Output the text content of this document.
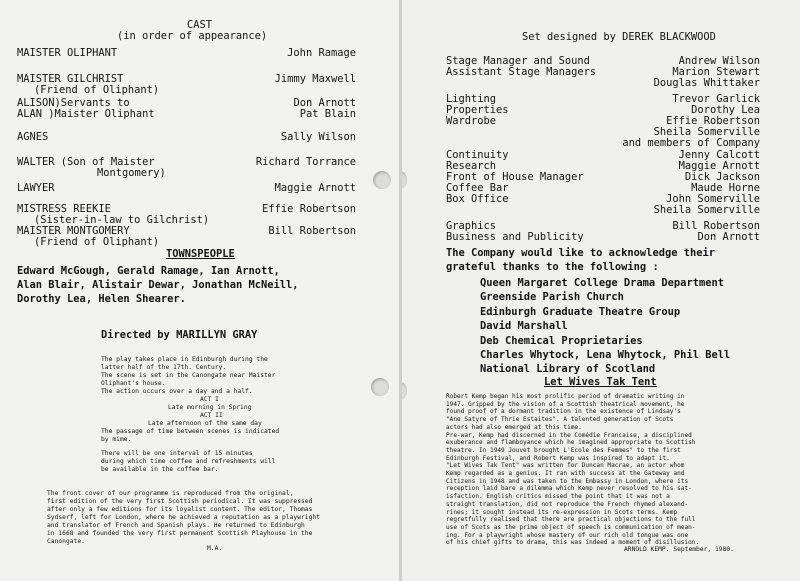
CAST
(in order of appearance)
MAISTER OLIPHANT	John Ramage
MAISTER GILCHRIST	Jimmy Maxwell
(Friend of Oliphant)
ALISON)Servants to	Don Arnott
ALAN )Maister Oliphant	Pat Blain
AGNES	Sally Wilson
WALTER (Son of Maister	Richard Torrance
Montgomery)
LAWYER	Maggie Arnott
MISTRESS REEKIE	Effie Robertson
(Sister-in-law to Gilchrist)
MAISTER MONTGOMERY	Bill Robertson
(Friend of Oliphant)
TOWNSPEOPLE
Edward McGough, Gerald Ramage, Ian Arnott,
Alan Blair, Alistair Dewar, Jonathan McNeill,
Dorothy Lea, Helen Shearer.
Directed by MARILLYN GRAY
The play takes place in Edinburgh during the
latter half of the 17th. Century.
The scene is set in the Canongate near Maister
Oliphant's house.
The action occurs over a day and a half.
ACT I
Late morning in Spring
ACT II
Late afternoon of the same day
The passage of time between scenes is indicated
by mime.
There will be one interval of 15 minutes
during which time coffee and refreshments will
be available in the coffee bar.
The front cover of our programme is reproduced from the original,
first edition of the very first Scottish periodical. It was suppressed
after only a few editions for its loyalist content. The editor, Thomas
Sydserf, left for London, where he achieved a reputation as a playwright
and translator of French and Spanish plays. He returned to Edinburgh
in 1668 and founded the very first permanent Scottish Playhouse in the
Canongate.
M.A.
Set designed by DEREK BLACKWOOD
Stage Manager and Sound	Andrew Wilson
Assistant Stage Managers	Marion Stewart
Douglas Whittaker
Lighting	Trevor Garlick
Properties	Dorothy Lea
Wardrobe	Effie Robertson
Sheila Somerville
and members of Company
Continuity	Jenny Calcott
Research	Maggie Arnott
Front of House Manager	Dick Jackson
Coffee Bar	Maude Horne
Box Office	John Somerville
Sheila Somerville
Graphics	Bill Robertson
Business and Publicity	Don Arnott
The Company would like to acknowledge their
grateful thanks to the following :
Queen Margaret College Drama Department
Greenside Parish Church
Edinburgh Graduate Theatre Group
David Marshall
Deb Chemical Proprietaries
Charles Whytock, Lena Whytock, Phil Bell
National Library of Scotland
Let Wives Tak Tent
Robert Kemp began his most prolific period of dramatic writing in
1947. Gripped by the vision of a Scottish theatrical movement, he
found proof of a dormant tradition in the existence of Lindsay's
"Ane Satyre of Thrie Estaites". A talented generation of Scots
actors had also emerged at this time.
Pre-war, Kemp had discerned in the Comédie Francaise, a disciplined
exuberance and flamboyance which he imagined appropriate to Scottish
theatre. In 1949 Jouvet brought L'Ecole des Femmes" to the first
Edinburgh Festival, and Robert Kemp was inspired to adapt it.
"Let Wives Tak Tent" was written for Duncan Macrae, an actor whom
Kemp regarded as a genius. It ran with success at the Gateway and
Citizens in 1948 and was taken to the Embassy in London, where its
reception laid bare a dilemma which Kemp never resolved to his sat-
isfaction. English critics missed the point that it was not a
straight translation, did not reproduce the French rhymed alexand-
rines; it sought instead its re-expression in Scots terms. Kemp
regretfully realised that there are practical objections to the full
use of Scots as the prime object of speech is communication of mean-
ing. For a playwright whose mastery of our rich old tongue was one
of his chief gifts to drama, this was indeed a moment of disillusion.
ARNOLD KEMP. September, 1980.
